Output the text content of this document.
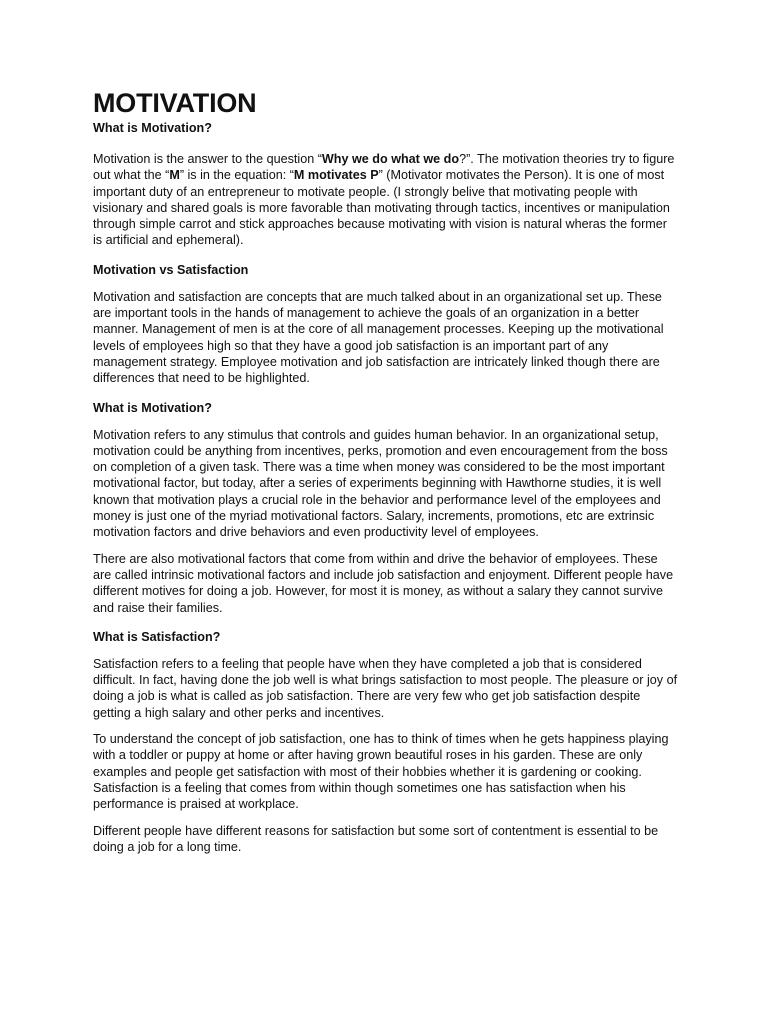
MOTIVATION
What is Motivation?

Motivation is the answer to the question “Why we do what we do?”. The motivation theories try to figure out what the “M” is in the equation: “M motivates P” (Motivator motivates the Person). It is one of most important duty of an entrepreneur to motivate people. (I strongly belive that motivating people with visionary and shared goals is more favorable than motivating through tactics, incentives or manipulation through simple carrot and stick approaches because motivating with vision is natural wheras the former is artificial and ephemeral).

Motivation vs Satisfaction

Motivation and satisfaction are concepts that are much talked about in an organizational set up. These are important tools in the hands of management to achieve the goals of an organization in a better manner. Management of men is at the core of all management processes. Keeping up the motivational levels of employees high so that they have a good job satisfaction is an important part of any management strategy. Employee motivation and job satisfaction are intricately linked though there are differences that need to be highlighted.

What is Motivation?

Motivation refers to any stimulus that controls and guides human behavior. In an organizational setup, motivation could be anything from incentives, perks, promotion and even encouragement from the boss on completion of a given task. There was a time when money was considered to be the most important motivational factor, but today, after a series of experiments beginning with Hawthorne studies, it is well known that motivation plays a crucial role in the behavior and performance level of the employees and money is just one of the myriad motivational factors. Salary, increments, promotions, etc are extrinsic motivation factors and drive behaviors and even productivity level of employees.

There are also motivational factors that come from within and drive the behavior of employees. These are called intrinsic motivational factors and include job satisfaction and enjoyment. Different people have different motives for doing a job. However, for most it is money, as without a salary they cannot survive and raise their families.

What is Satisfaction?

Satisfaction refers to a feeling that people have when they have completed a job that is considered difficult. In fact, having done the job well is what brings satisfaction to most people. The pleasure or joy of doing a job is what is called as job satisfaction. There are very few who get job satisfaction despite getting a high salary and other perks and incentives.

To understand the concept of job satisfaction, one has to think of times when he gets happiness playing with a toddler or puppy at home or after having grown beautiful roses in his garden. These are only examples and people get satisfaction with most of their hobbies whether it is gardening or cooking. Satisfaction is a feeling that comes from within though sometimes one has satisfaction when his performance is praised at workplace.

Different people have different reasons for satisfaction but some sort of contentment is essential to be doing a job for a long time.
